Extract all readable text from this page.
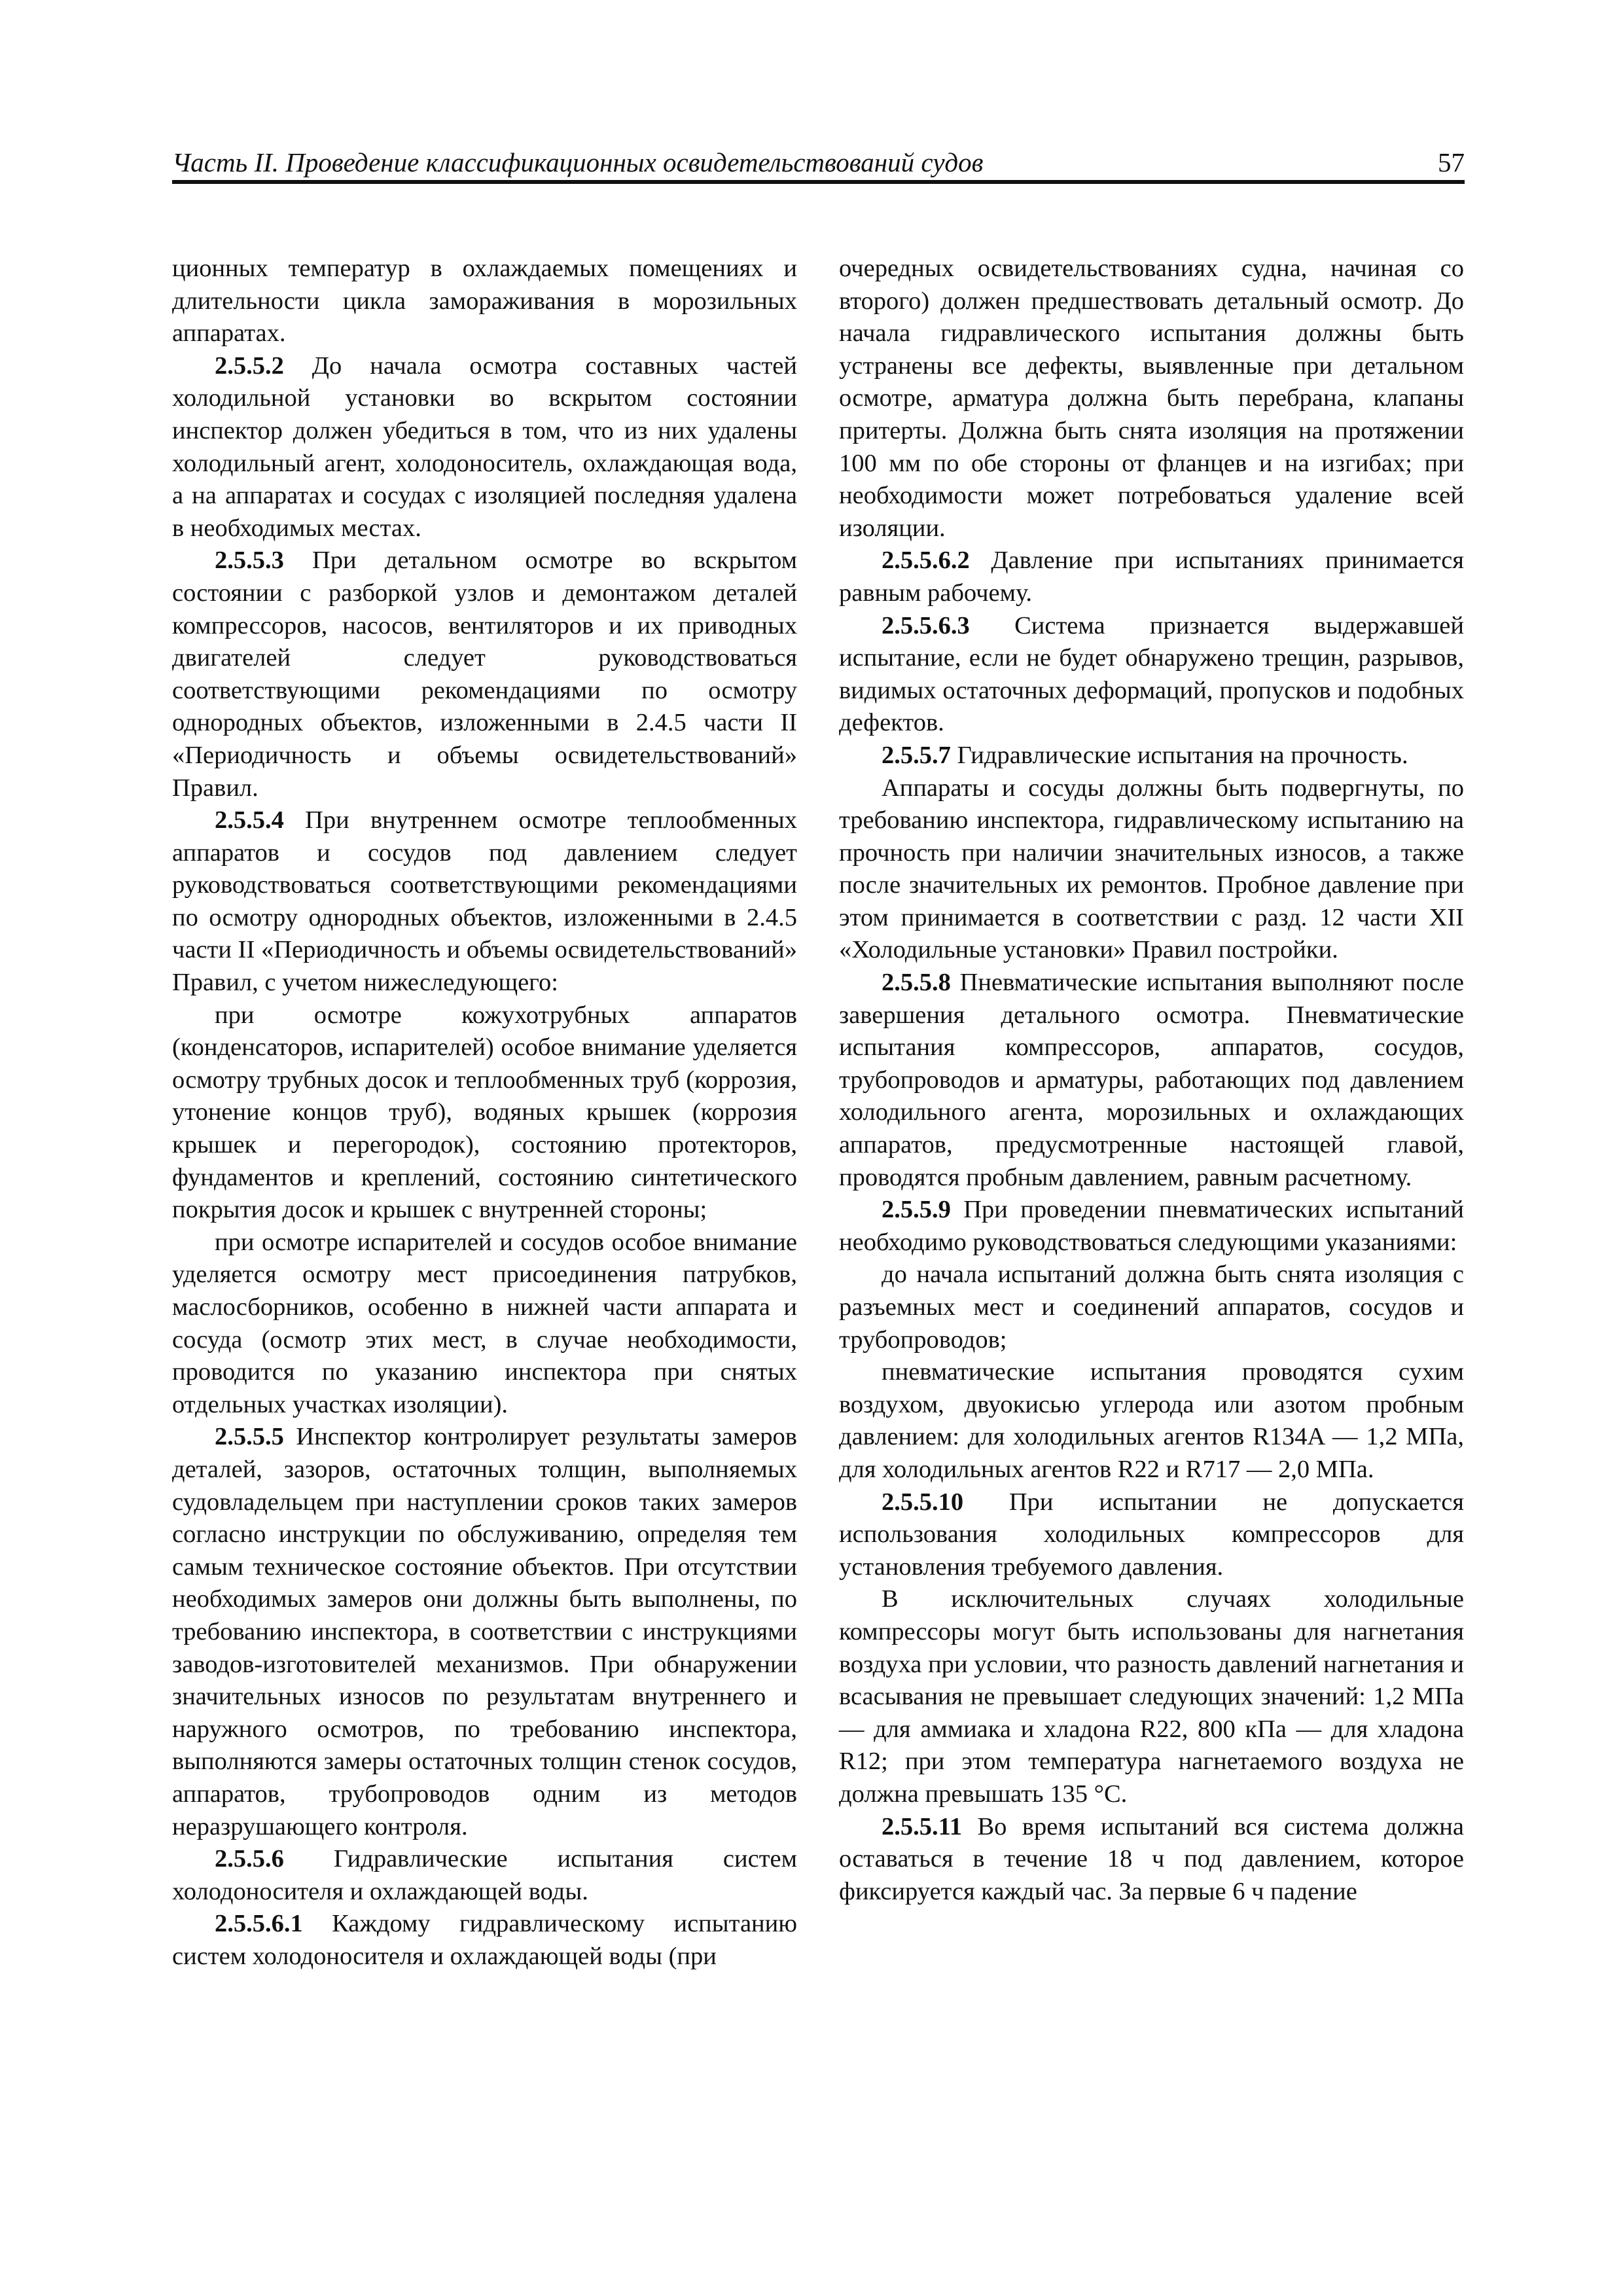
Часть II. Проведение классификационных освидетельствований судов	57

ционных температур в охлаждаемых помещениях и длительности цикла замораживания в морозильных аппаратах.

2.5.5.2 До начала осмотра составных частей холодильной установки во вскрытом состоянии инспектор должен убедиться в том, что из них удалены холодильный агент, холодоноситель, охлаждающая вода, а на аппаратах и сосудах с изоляцией последняя удалена в необходимых местах.

2.5.5.3 При детальном осмотре во вскрытом состоянии с разборкой узлов и демонтажом деталей компрессоров, насосов, вентиляторов и их приводных двигателей следует руководствоваться соответствующими рекомендациями по осмотру однородных объектов, изложенными в 2.4.5 части II «Периодичность и объемы освидетельствований» Правил.

2.5.5.4 При внутреннем осмотре теплообменных аппаратов и сосудов под давлением следует руководствоваться соответствующими рекомендациями по осмотру однородных объектов, изложенными в 2.4.5 части II «Периодичность и объемы освидетельствований» Правил, с учетом нижеследующего:

при осмотре кожухотрубных аппаратов (конденсаторов, испарителей) особое внимание уделяется осмотру трубных досок и теплообменных труб (коррозия, утонение концов труб), водяных крышек (коррозия крышек и перегородок), состоянию протекторов, фундаментов и креплений, состоянию синтетического покрытия досок и крышек с внутренней стороны;

при осмотре испарителей и сосудов особое внимание уделяется осмотру мест присоединения патрубков, маслосборников, особенно в нижней части аппарата и сосуда (осмотр этих мест, в случае необходимости, проводится по указанию инспектора при снятых отдельных участках изоляции).

2.5.5.5 Инспектор контролирует результаты замеров деталей, зазоров, остаточных толщин, выполняемых судовладельцем при наступлении сроков таких замеров согласно инструкции по обслуживанию, определяя тем самым техническое состояние объектов. При отсутствии необходимых замеров они должны быть выполнены, по требованию инспектора, в соответствии с инструкциями заводов-изготовителей механизмов. При обнаружении значительных износов по результатам внутреннего и наружного осмотров, по требованию инспектора, выполняются замеры остаточных толщин стенок сосудов, аппаратов, трубопроводов одним из методов неразрушающего контроля.

2.5.5.6 Гидравлические испытания систем холодоносителя и охлаждающей воды.

2.5.5.6.1 Каждому гидравлическому испытанию систем холодоносителя и охлаждающей воды (при

очередных освидетельствованиях судна, начиная со второго) должен предшествовать детальный осмотр. До начала гидравлического испытания должны быть устранены все дефекты, выявленные при детальном осмотре, арматура должна быть перебрана, клапаны притерты. Должна быть снята изоляция на протяжении 100 мм по обе стороны от фланцев и на изгибах; при необходимости может потребоваться удаление всей изоляции.

2.5.5.6.2 Давление при испытаниях принимается равным рабочему.

2.5.5.6.3 Система признается выдержавшей испытание, если не будет обнаружено трещин, разрывов, видимых остаточных деформаций, пропусков и подобных дефектов.

2.5.5.7 Гидравлические испытания на прочность.

Аппараты и сосуды должны быть подвергнуты, по требованию инспектора, гидравлическому испытанию на прочность при наличии значительных износов, а также после значительных их ремонтов. Пробное давление при этом принимается в соответствии с разд. 12 части XII «Холодильные установки» Правил постройки.

2.5.5.8 Пневматические испытания выполняют после завершения детального осмотра. Пневматические испытания компрессоров, аппаратов, сосудов, трубопроводов и арматуры, работающих под давлением холодильного агента, морозильных и охлаждающих аппаратов, предусмотренные настоящей главой, проводятся пробным давлением, равным расчетному.

2.5.5.9 При проведении пневматических испытаний необходимо руководствоваться следующими указаниями:

до начала испытаний должна быть снята изоляция с разъемных мест и соединений аппаратов, сосудов и трубопроводов;

пневматические испытания проводятся сухим воздухом, двуокисью углерода или азотом пробным давлением: для холодильных агентов R134A — 1,2 МПа, для холодильных агентов R22 и R717 — 2,0 МПа.

2.5.5.10 При испытании не допускается использования холодильных компрессоров для установления требуемого давления.

В исключительных случаях холодильные компрессоры могут быть использованы для нагнетания воздуха при условии, что разность давлений нагнетания и всасывания не превышает следующих значений: 1,2 МПа — для аммиака и хладона R22, 800 кПа — для хладона R12; при этом температура нагнетаемого воздуха не должна превышать 135 °С.

2.5.5.11 Во время испытаний вся система должна оставаться в течение 18 ч под давлением, которое фиксируется каждый час. За первые 6 ч падение
